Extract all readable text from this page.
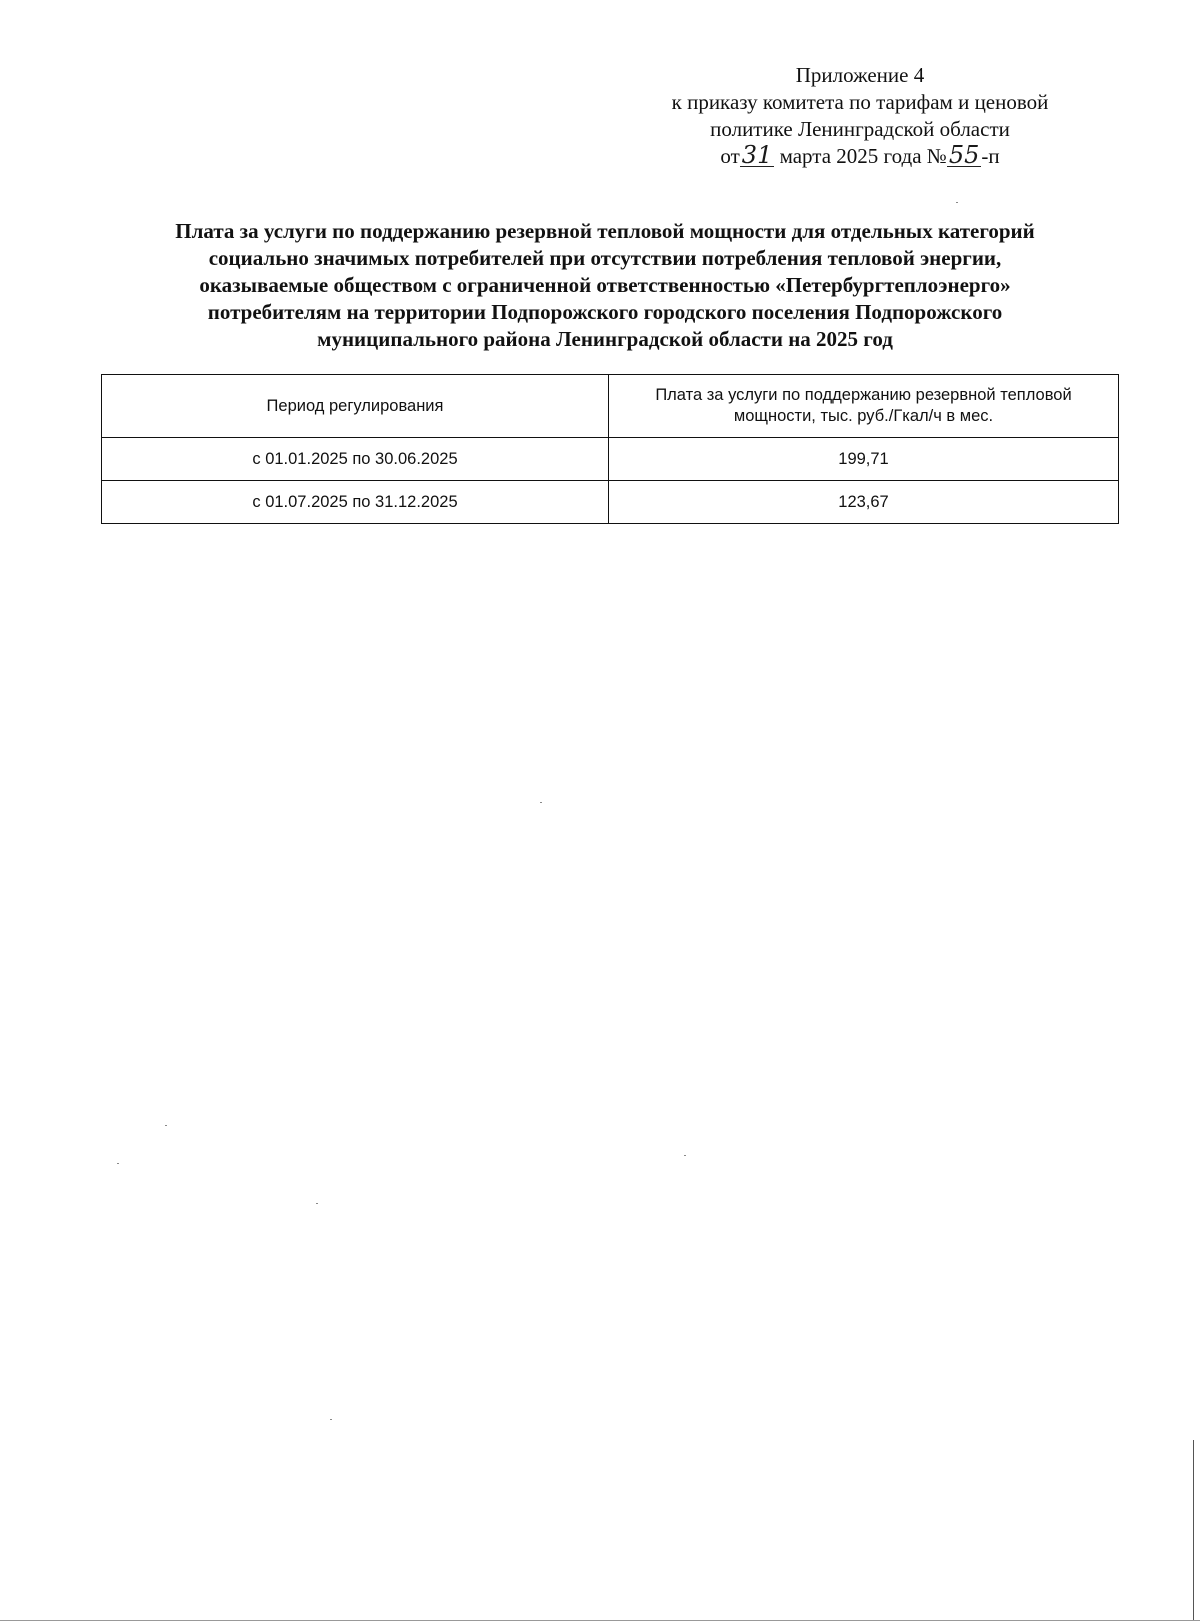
Приложение 4
к приказу комитета по тарифам и ценовой
политике Ленинградской области
от31 марта 2025 года №55-п
Плата за услуги по поддержанию резервной тепловой мощности для отдельных категорий
социально значимых потребителей при отсутствии потребления тепловой энергии,
оказываемые обществом с ограниченной ответственностью «Петербургтеплоэнерго»
потребителям на территории Подпорожского городского поселения Подпорожского
муниципального района Ленинградской области на 2025 год
Период регулирования	Плата за услуги по поддержанию резервной тепловой
мощности, тыс. руб./Гкал/ч в мес.
с 01.01.2025 по 30.06.2025	199,71
с 01.07.2025 по 31.12.2025	123,67
